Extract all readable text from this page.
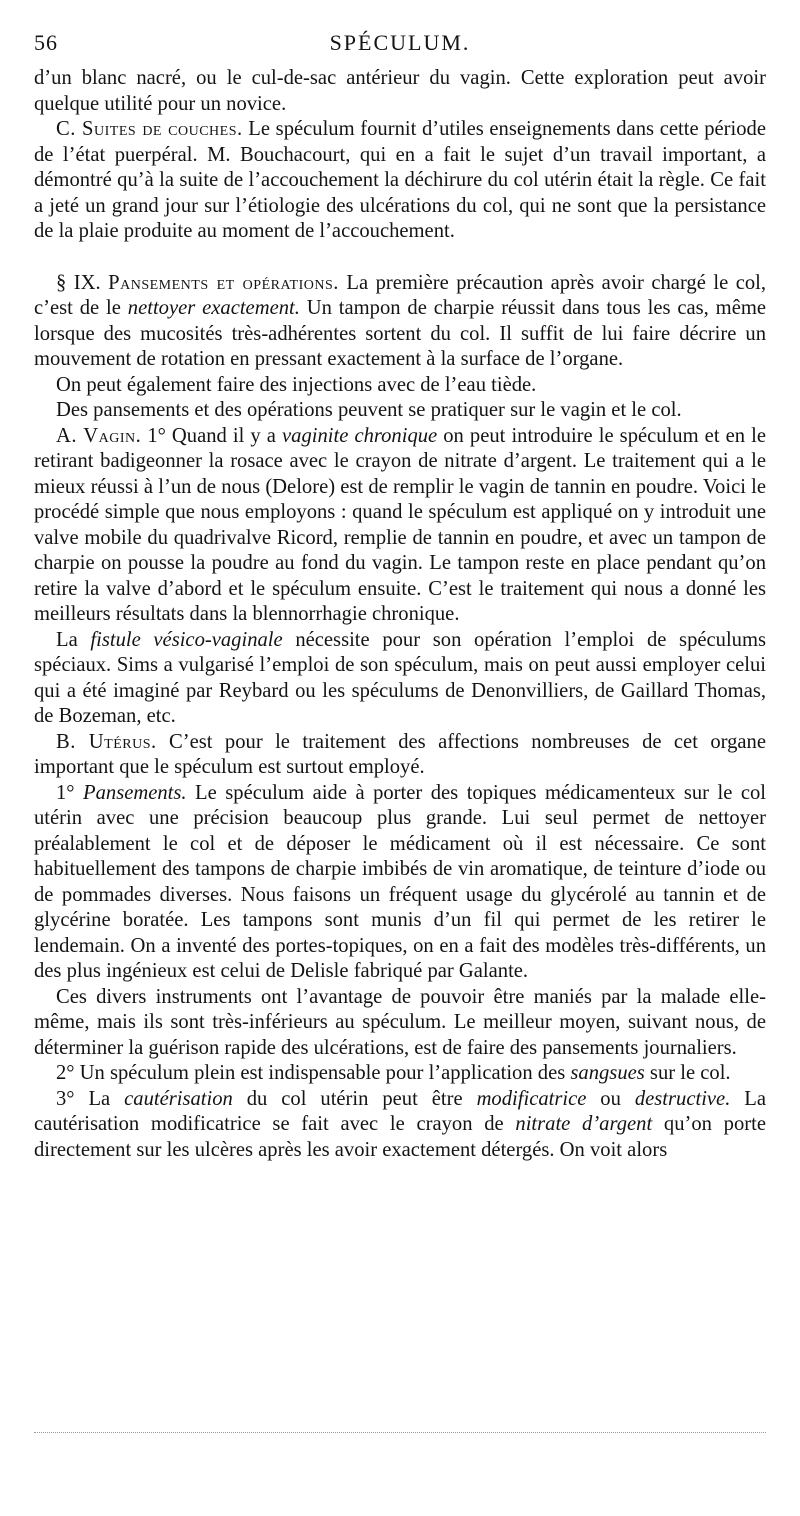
56	SPÉCULUM.

d’un blanc nacré, ou le cul-de-sac antérieur du vagin. Cette exploration peut avoir quelque utilité pour un novice.

C. Suites de couches. Le spéculum fournit d’utiles enseignements dans cette période de l’état puerpéral. M. Bouchacourt, qui en a fait le sujet d’un travail important, a démontré qu’à la suite de l’accouchement la déchirure du col utérin était la règle. Ce fait a jeté un grand jour sur l’étiologie des ulcérations du col, qui ne sont que la persistance de la plaie produite au moment de l’accouchement.

§ IX. Pansements et opérations. La première précaution après avoir chargé le col, c’est de le nettoyer exactement. Un tampon de charpie réussit dans tous les cas, même lorsque des mucosités très-adhérentes sortent du col. Il suffit de lui faire décrire un mouvement de rotation en pressant exactement à la surface de l’organe.

On peut également faire des injections avec de l’eau tiède.

Des pansements et des opérations peuvent se pratiquer sur le vagin et le col.

A. Vagin. 1° Quand il y a vaginite chronique on peut introduire le spéculum et en le retirant badigeonner la rosace avec le crayon de nitrate d’argent. Le traitement qui a le mieux réussi à l’un de nous (Delore) est de remplir le vagin de tannin en poudre. Voici le procédé simple que nous employons : quand le spéculum est appliqué on y introduit une valve mobile du quadrivalve Ricord, remplie de tannin en poudre, et avec un tampon de charpie on pousse la poudre au fond du vagin. Le tampon reste en place pendant qu’on retire la valve d’abord et le spéculum ensuite. C’est le traitement qui nous a donné les meilleurs résultats dans la blennorrhagie chronique.

La fistule vésico-vaginale nécessite pour son opération l’emploi de spéculums spéciaux. Sims a vulgarisé l’emploi de son spéculum, mais on peut aussi employer celui qui a été imaginé par Reybard ou les spéculums de Denonvilliers, de Gaillard Thomas, de Bozeman, etc.

B. Utérus. C’est pour le traitement des affections nombreuses de cet organe important que le spéculum est surtout employé.

1° Pansements. Le spéculum aide à porter des topiques médicamenteux sur le col utérin avec une précision beaucoup plus grande. Lui seul permet de nettoyer préalablement le col et de déposer le médicament où il est nécessaire. Ce sont habituellement des tampons de charpie imbibés de vin aromatique, de teinture d’iode ou de pommades diverses. Nous faisons un fréquent usage du glycérolé au tannin et de glycérine boratée. Les tampons sont munis d’un fil qui permet de les retirer le lendemain. On a inventé des portes-topiques, on en a fait des modèles très-différents, un des plus ingénieux est celui de Delisle fabriqué par Galante.

Ces divers instruments ont l’avantage de pouvoir être maniés par la malade elle-même, mais ils sont très-inférieurs au spéculum. Le meilleur moyen, suivant nous, de déterminer la guérison rapide des ulcérations, est de faire des pansements journaliers.

2° Un spéculum plein est indispensable pour l’application des sangsues sur le col.

3° La cautérisation du col utérin peut être modificatrice ou destructive. La cautérisation modificatrice se fait avec le crayon de nitrate d’argent qu’on porte directement sur les ulcères après les avoir exactement détergés. On voit alors
